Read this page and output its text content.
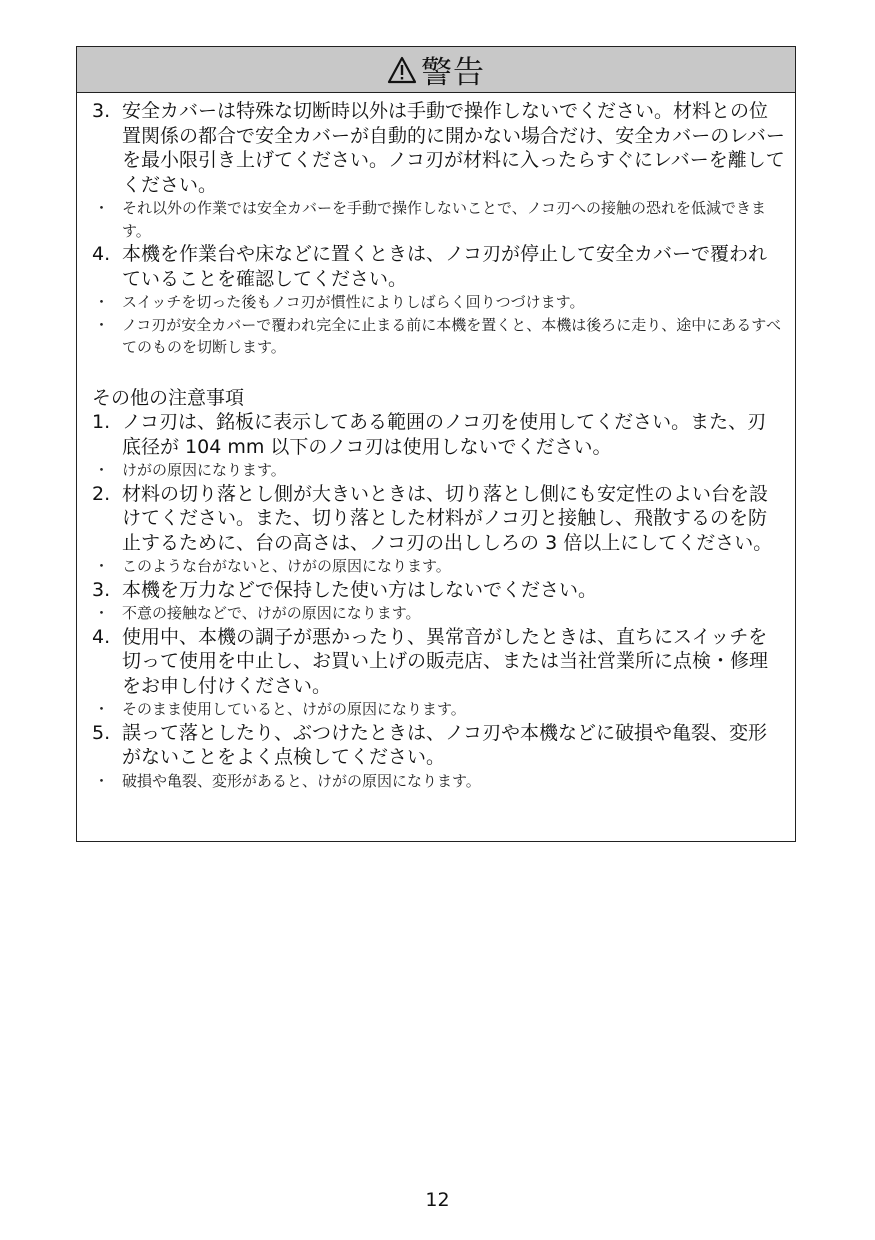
警告
3. 安全カバーは特殊な切断時以外は手動で操作しないでください。材料との位置関係の都合で安全カバーが自動的に開かない場合だけ、安全カバーのレバーを最小限引き上げてください。ノコ刃が材料に入ったらすぐにレバーを離してください。
・ それ以外の作業では安全カバーを手動で操作しないことで、ノコ刃への接触の恐れを低減できます。
4. 本機を作業台や床などに置くときは、ノコ刃が停止して安全カバーで覆われていることを確認してください。
・ スイッチを切った後もノコ刃が慣性によりしばらく回りつづけます。
・ ノコ刃が安全カバーで覆われ完全に止まる前に本機を置くと、本機は後ろに走り、途中にあるすべてのものを切断します。
その他の注意事項
1. ノコ刃は、銘板に表示してある範囲のノコ刃を使用してください。また、刃底径が 104 mm 以下のノコ刃は使用しないでください。
・ けがの原因になります。
2. 材料の切り落とし側が大きいときは、切り落とし側にも安定性のよい台を設けてください。また、切り落とした材料がノコ刃と接触し、飛散するのを防止するために、台の高さは、ノコ刃の出ししろの 3 倍以上にしてください。
・ このような台がないと、けがの原因になります。
3. 本機を万力などで保持した使い方はしないでください。
・ 不意の接触などで、けがの原因になります。
4. 使用中、本機の調子が悪かったり、異常音がしたときは、直ちにスイッチを切って使用を中止し、お買い上げの販売店、または当社営業所に点検・修理をお申し付けください。
・ そのまま使用していると、けがの原因になります。
5. 誤って落としたり、ぶつけたときは、ノコ刃や本機などに破損や亀裂、変形がないことをよく点検してください。
・ 破損や亀裂、変形があると、けがの原因になります。
12
